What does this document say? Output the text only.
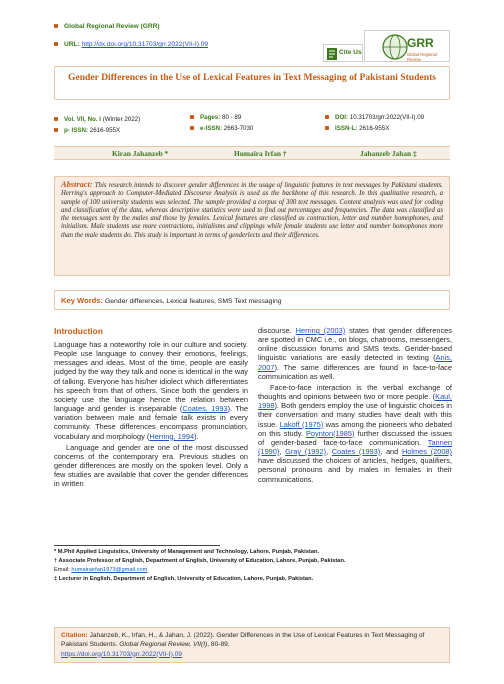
Global Regional Review (GRR)
URL: http://dx.doi.org/10.31703/grr.2022(VII-I).09
Cite Us
GRR
Global Regional Review
Gender Differences in the Use of Lexical Features in Text Messaging of Pakistani Students
Vol. VII, No. I (Winter 2022)
p- ISSN: 2616-955X
Pages: 80 - 89
e-ISSN: 2663-7030
DOI: 10.31703/grr.2022(VII-I).09
ISSN-L: 2616-955X
Kiran Jahanzeb *	Humaira Irfan †	Jahanzeb Jahan ‡

Abstract: This research intends to discover gender differences in the usage of linguistic features in text messages by Pakistani students. Herring's approach to Computer-Mediated Discourse Analysis is used as the backbone of this research. In this qualitative research, a sample of 100 university students was selected. The sample provided a corpus of 300 text messages. Content analysis was used for coding and classification of the data, whereas descriptive statistics were used to find out percentages and frequencies. The data was classified as the messages sent by the males and those by females. Lexical features are classified as contraction, letter and number homophones, and initialism. Male students use more contractions, initialisms and clippings while female students use letter and number homophones more than the male students do. This study is important in terms of genderlects and their differences.

Key Words: Gender differences, Lexical features, SMS Text messaging
Introduction

Language has a noteworthy role in our culture and society. People use language to convey their emotions, feelings, messages and ideas. Most of the time, people are easily judged by the way they talk and none is identical in the way of talking. Everyone has his/her idiolect which differentiates his speech from that of others. Since both the genders in society use the language hence the relation between language and gender is inseparable (Coates, 1993). The variation between male and female talk exists in every community. These differences encompass pronunciation, vocabulary and morphology (Herring, 1994).

Language and gender are one of the most discussed concerns of the contemporary era. Previous studies on gender differences are mostly on the spoken level. Only a few studies are available that cover the gender differences in written

discourse. Herring (2003) states that gender differences are spotted in CMC i.e., on blogs, chatrooms, messengers, online discussion forums and SMS texts. Gender-based linguistic variations are easily detected in texting (Anis, 2007). The same differences are found in face-to-face communication as well.

Face-to-face interaction is the verbal exchange of thoughts and opinions between two or more people. (Kaul, 1998). Both genders employ the use of linguistic choices in their conversation and many studies have dealt with this issue. Lakoff (1975) was among the pioneers who debated on this study. Poynton(1985) further discussed the issues of gender-based face-to-face communication. Tannen (1990), Gray (1992), Coates (1993), and Holmes (2008) have discussed the choices of articles, hedges, qualifiers, personal pronouns and by males in females in their communications.

* M.Phil Applied Linguistics, University of Management and Technology, Lahore, Punjab, Pakistan.

† Associate Professor of English, Department of English, University of Education, Lahore, Punjab, Pakistan.

Email: humairairfan1973@gmail.com

‡ Lecturer in English, Department of English, University of Education, Lahore, Punjab, Pakistan.

Citation: Jahanzeb, K., Irfan, H., & Jahan, J. (2022). Gender Differences in the Use of Lexical Features in Text Messaging of Pakistani Students. Global Regional Review, VII(I), 80-89.
https://doi.org/10.31703/grr.2022(VII-I).09
